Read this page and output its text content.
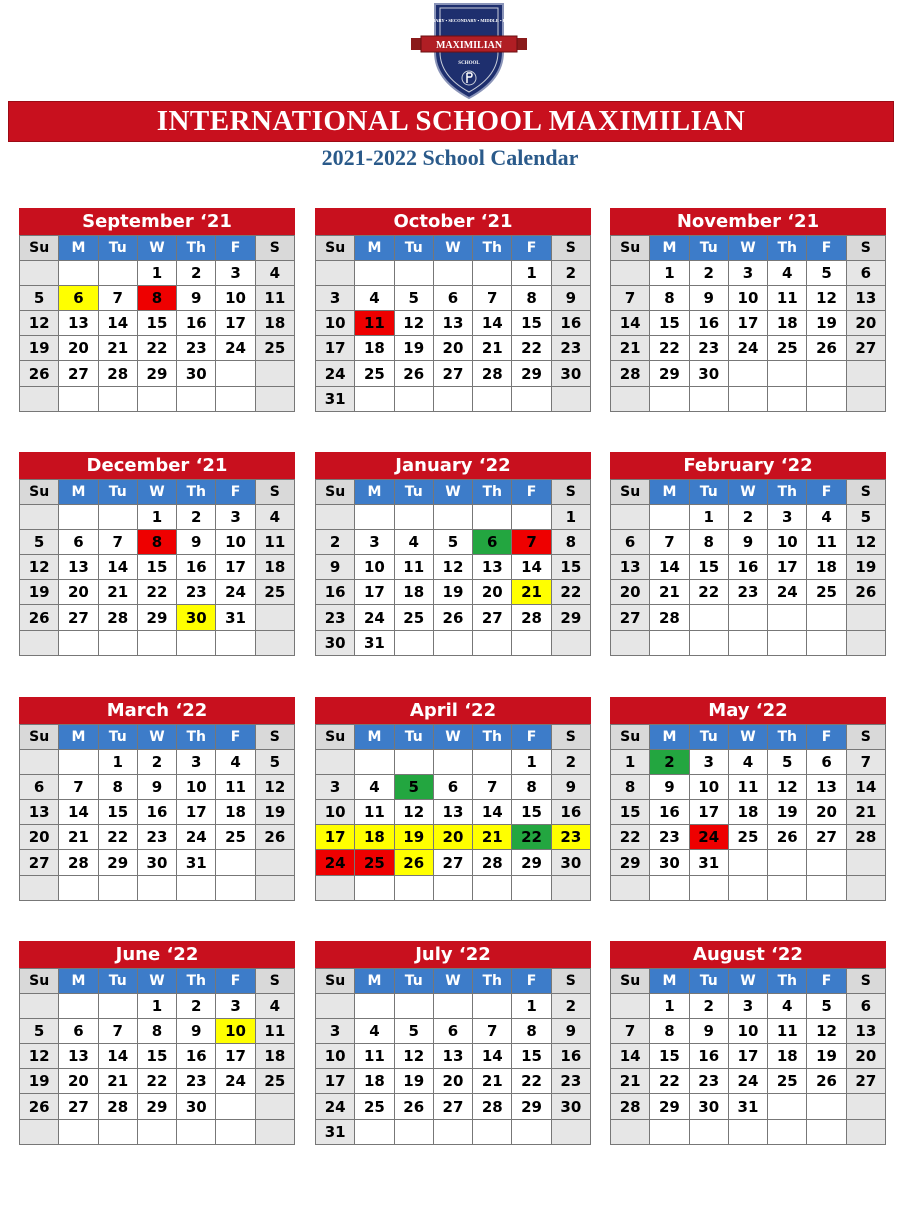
PRIMARY • SECONDARY • MIDDLE • HIGH
MAXIMILIAN
SCHOOL
INTERNATIONAL SCHOOL MAXIMILIAN
2021-2022 School Calendar
September ‘21
Su	M	Tu	W	Th	F	S
			1	2	3	4
5	6	7	8	9	10	11
12	13	14	15	16	17	18
19	20	21	22	23	24	25
26	27	28	29	30		

October ‘21
Su	M	Tu	W	Th	F	S
					1	2
3	4	5	6	7	8	9
10	11	12	13	14	15	16
17	18	19	20	21	22	23
24	25	26	27	28	29	30
31						
November ‘21
Su	M	Tu	W	Th	F	S
	1	2	3	4	5	6
7	8	9	10	11	12	13
14	15	16	17	18	19	20
21	22	23	24	25	26	27
28	29	30				

December ‘21
Su	M	Tu	W	Th	F	S
			1	2	3	4
5	6	7	8	9	10	11
12	13	14	15	16	17	18
19	20	21	22	23	24	25
26	27	28	29	30	31	

January ‘22
Su	M	Tu	W	Th	F	S
						1
2	3	4	5	6	7	8
9	10	11	12	13	14	15
16	17	18	19	20	21	22
23	24	25	26	27	28	29
30	31					
February ‘22
Su	M	Tu	W	Th	F	S
		1	2	3	4	5
6	7	8	9	10	11	12
13	14	15	16	17	18	19
20	21	22	23	24	25	26
27	28					

March ‘22
Su	M	Tu	W	Th	F	S
		1	2	3	4	5
6	7	8	9	10	11	12
13	14	15	16	17	18	19
20	21	22	23	24	25	26
27	28	29	30	31		

April ‘22
Su	M	Tu	W	Th	F	S
					1	2
3	4	5	6	7	8	9
10	11	12	13	14	15	16
17	18	19	20	21	22	23
24	25	26	27	28	29	30

May ‘22
Su	M	Tu	W	Th	F	S
1	2	3	4	5	6	7
8	9	10	11	12	13	14
15	16	17	18	19	20	21
22	23	24	25	26	27	28
29	30	31				

June ‘22
Su	M	Tu	W	Th	F	S
			1	2	3	4
5	6	7	8	9	10	11
12	13	14	15	16	17	18
19	20	21	22	23	24	25
26	27	28	29	30		

July ‘22
Su	M	Tu	W	Th	F	S
					1	2
3	4	5	6	7	8	9
10	11	12	13	14	15	16
17	18	19	20	21	22	23
24	25	26	27	28	29	30
31						
August ‘22
Su	M	Tu	W	Th	F	S
	1	2	3	4	5	6
7	8	9	10	11	12	13
14	15	16	17	18	19	20
21	22	23	24	25	26	27
28	29	30	31			
